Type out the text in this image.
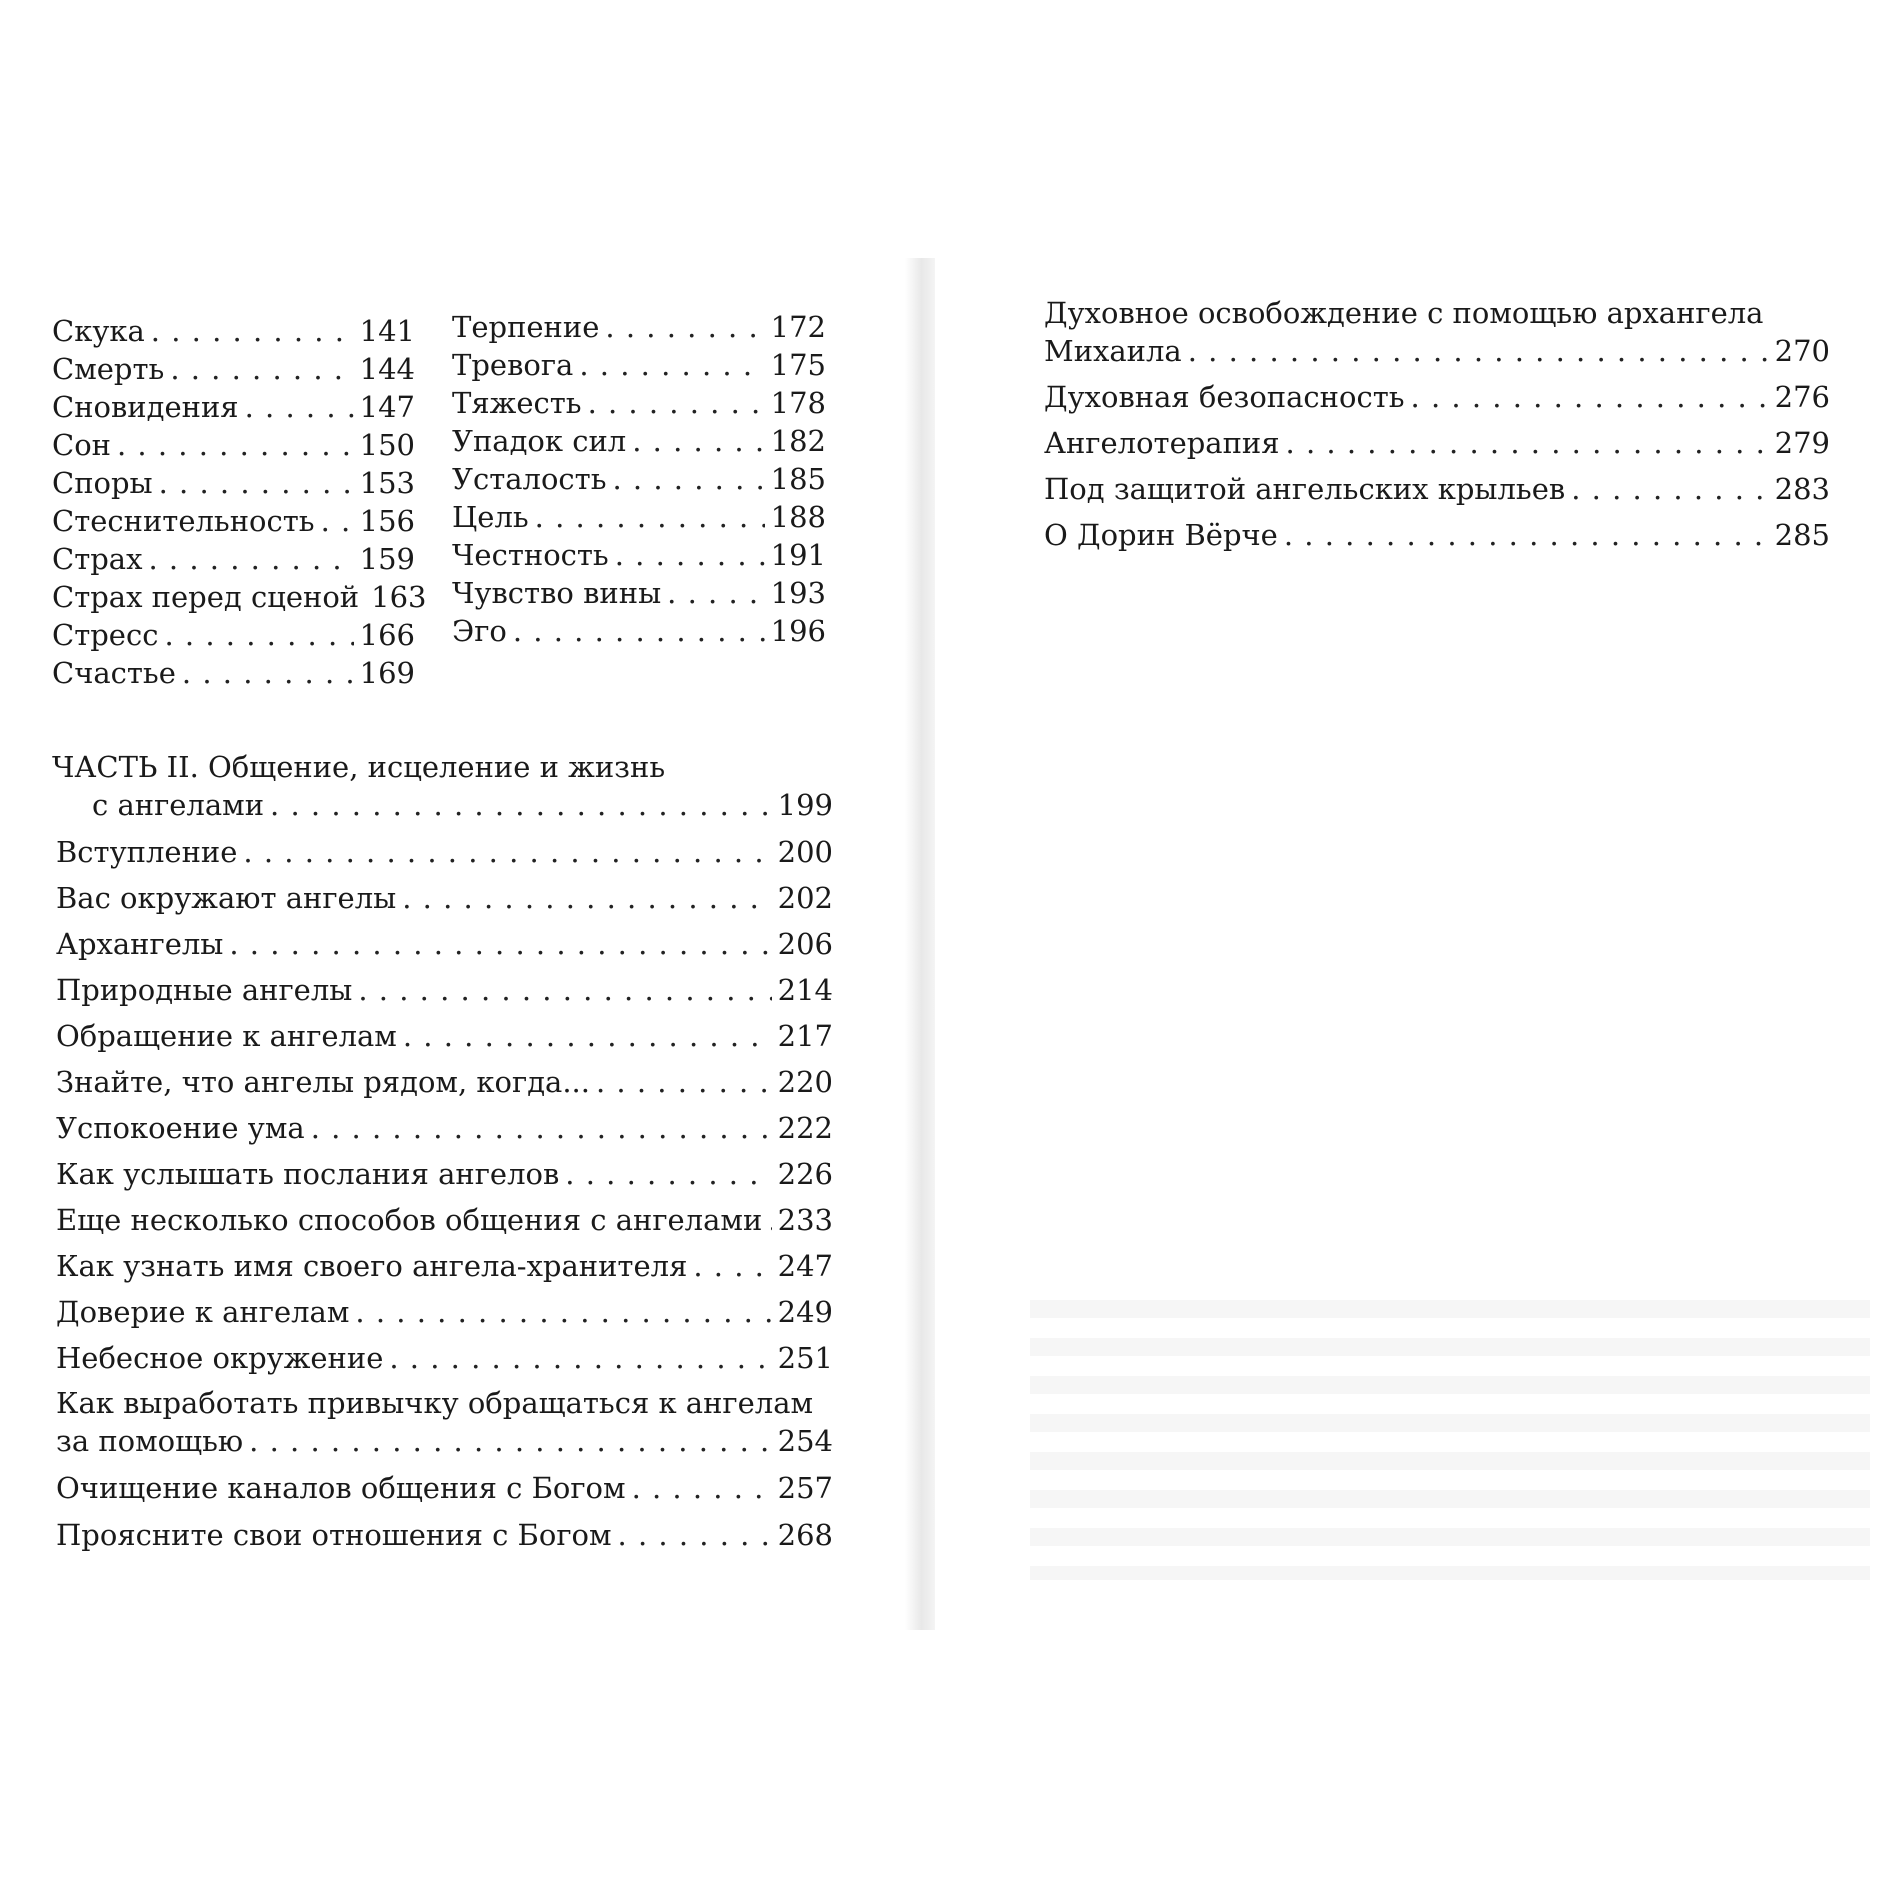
Скука . . .	141
Смерть . . .	144
Сновидения . . .	147
Сон . . .	150
Споры . . .	153
Стеснительность . . . 156
Страх . . .	159
Страх перед сценой 163
Стресс . . .	166
Счастье . . .	169
Терпение . . .	172
Тревога . . .	175
Тяжесть . . .	178
Упадок сил . . .	182
Усталость . . .	185
Цель . . .	188
Честность . . .	191
Чувство вины . . .	193
Эго . . .	196
ЧАСТЬ II. Общение, исцеление и жизнь
с ангелами . . .	199
Вступление . . .	200
Вас окружают ангелы . . .	202
Архангелы . . .	206
Природные ангелы . . .	214
Обращение к ангелам . . .	217
Знайте, что ангелы рядом, когда... . . .	220
Успокоение ума . . .	222
Как услышать послания ангелов . . .	226
Еще несколько способов общения с ангелами . . . 233
Как узнать имя своего ангела-хранителя . . .	247
Доверие к ангелам . . .	249
Небесное окружение . . .	251
Как выработать привычку обращаться к ангелам
за помощью . . .	254
Очищение каналов общения с Богом . . .	257
Проясните свои отношения с Богом . . .	268
Духовное освобождение с помощью архангела
Михаила . . .	270
Духовная безопасность . . .	276
Ангелотерапия . . .	279
Под защитой ангельских крыльев . . .	283
О Дорин Вёрче . . .	285
